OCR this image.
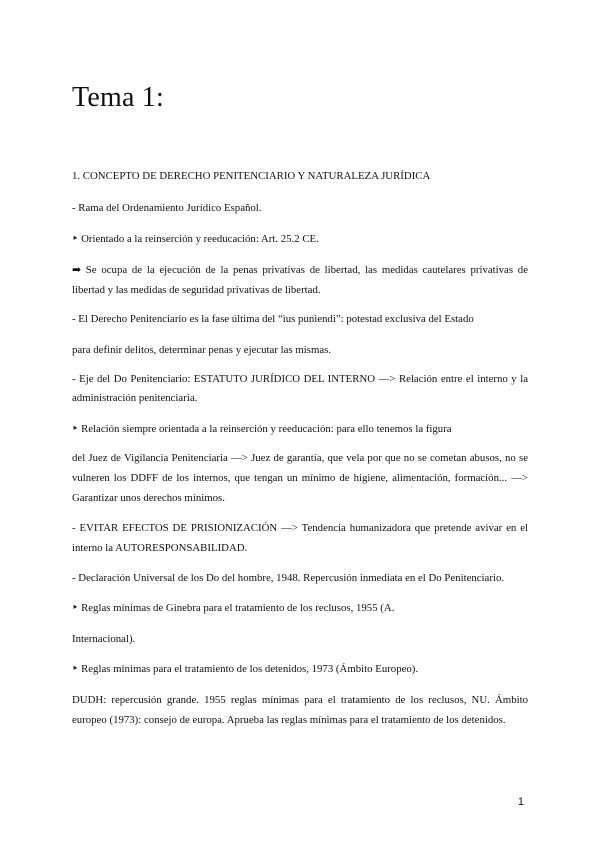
Tema 1:

1. CONCEPTO DE DERECHO PENITENCIARIO Y NATURALEZA JURÍDICA

- Rama del Ordenamiento Jurídico Español.

‣ Orientado a la reinserción y reeducación: Art. 25.2 CE.

➡ Se ocupa de la ejecución de la penas privativas de libertad, las medidas cautelares privativas de libertad y las medidas de seguridad privativas de libertad.

- El Derecho Penitenciario es la fase última del “ius puniendi”: potestad exclusiva del Estado

para definir delitos, determinar penas y ejecutar las mismas.

- Eje del Do Penitenciario: ESTATUTO JURÍDICO DEL INTERNO —> Relación entre el interno y la administración penitenciaria.

‣ Relación siempre orientada a la reinserción y reeducación: para ello tenemos la figura

del Juez de Vigilancia Penitenciaria —> Juez de garantía, que vela por que no se cometan abusos, no se vulneren los DDFF de los internos, que tengan un mínimo de higiene, alimentación, formación... —> Garantizar unos derechos mínimos.

- EVITAR EFECTOS DE PRISIONIZACIÓN —> Tendencia humanizadora que pretende avivar en el interno la AUTORESPONSABILIDAD.

- Declaración Universal de los Do del hombre, 1948. Repercusión inmediata en el Do Penitenciario.

‣ Reglas mínimas de Ginebra para el tratamiento de los reclusos, 1955 (A.

Internacional).

‣ Reglas mínimas para el tratamiento de los detenidos, 1973 (Ámbito Europeo).

DUDH: repercusión grande. 1955 reglas mínimas para el tratamiento de los reclusos, NU. Ámbito europeo (1973): consejo de europa. Aprueba las reglas mínimas para el tratamiento de los detenidos.

1
